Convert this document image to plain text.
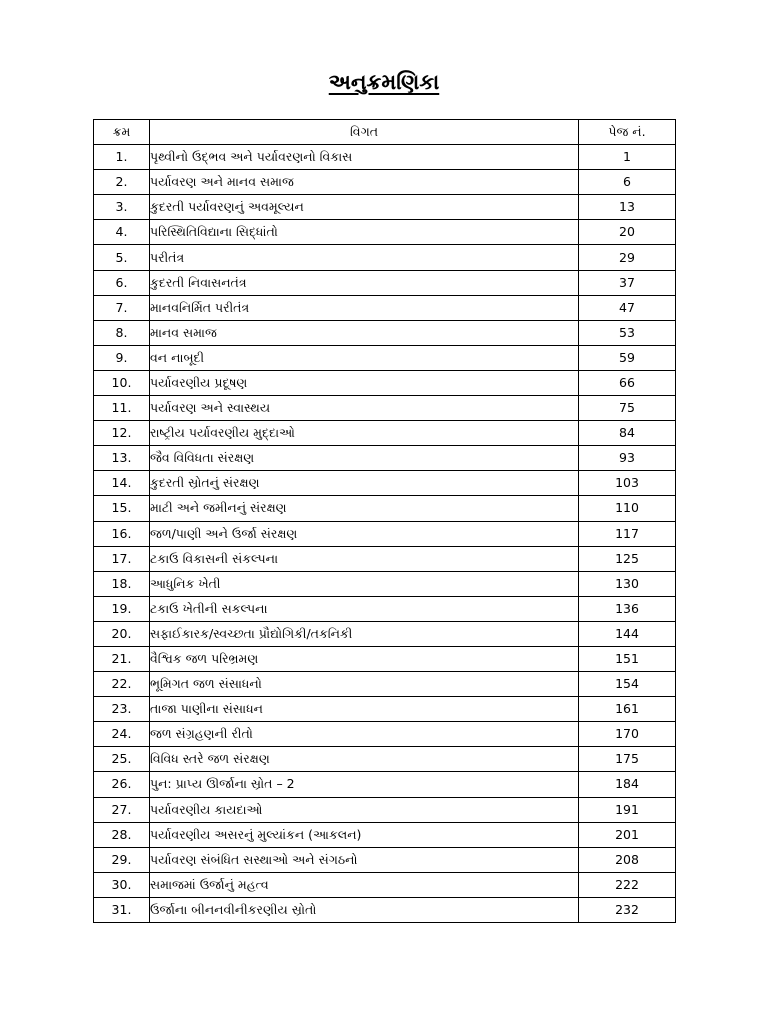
અનુક્રમણિકા
ક્રમ	વિગત	પેજ નં.
1.	પૃથ્વીનો ઉદ્ભવ અને પર્યાવરણનો વિકાસ	1
2.	પર્યાવરણ અને માનવ સમાજ	6
3.	કુદરતી પર્યાવરણનું અવમૂલ્યન	13
4.	પરિસ્થિતિવિદ્યાના સિદ્ધાંતો	20
5.	પરીતંત્ર	29
6.	કુદરતી નિવાસનતંત્ર	37
7.	માનવનિર્મિત પરીતંત્ર	47
8.	માનવ સમાજ	53
9.	વન નાબૂદી	59
10.	પર્યાવરણીય પ્રદૂષણ	66
11.	પર્યાવરણ અને સ્વાસ્થય	75
12.	રાષ્ટ્રીય પર્યાવરણીય મુદ્દાઓ	84
13.	જૈવ વિવિધતા સંરક્ષણ	93
14.	કુદરતી સ્રોતનું સંરક્ષણ	103
15.	માટી અને જમીનનું સંરક્ષણ	110
16.	જળ/પાણી અને ઉર્જા સંરક્ષણ	117
17.	ટકાઉ વિકાસની સંકલ્પના	125
18.	આધુનિક ખેતી	130
19.	ટકાઉ ખેતીની સકલ્પના	136
20.	સફાઈકારક/સ્વચ્છતા પ્રૌદ્યોગિકી/તકનિકી	144
21.	વૈશ્વિક જળ પરિભ્રમણ	151
22.	ભૂમિગત જળ સંસાધનો	154
23.	તાજા પાણીના સંસાધન	161
24.	જળ સંગ્રહણની રીતો	170
25.	વિવિધ સ્તરે જળ સંરક્ષણ	175
26.	પુન: પ્રાપ્ય ઊર્જાના સ્રોત – 2	184
27.	પર્યાવરણીય કાયદાઓ	191
28.	પર્યાવરણીય અસરનું મુલ્યાંકન (આકલન)	201
29.	પર્યાવરણ સંબંધિત સસ્થાઓ અને સંગઠનો	208
30.	સમાજમાં ઉર્જાનું મહત્વ	222
31.	ઉર્જાના બીનનવીનીકરણીય સ્રોતો	232
